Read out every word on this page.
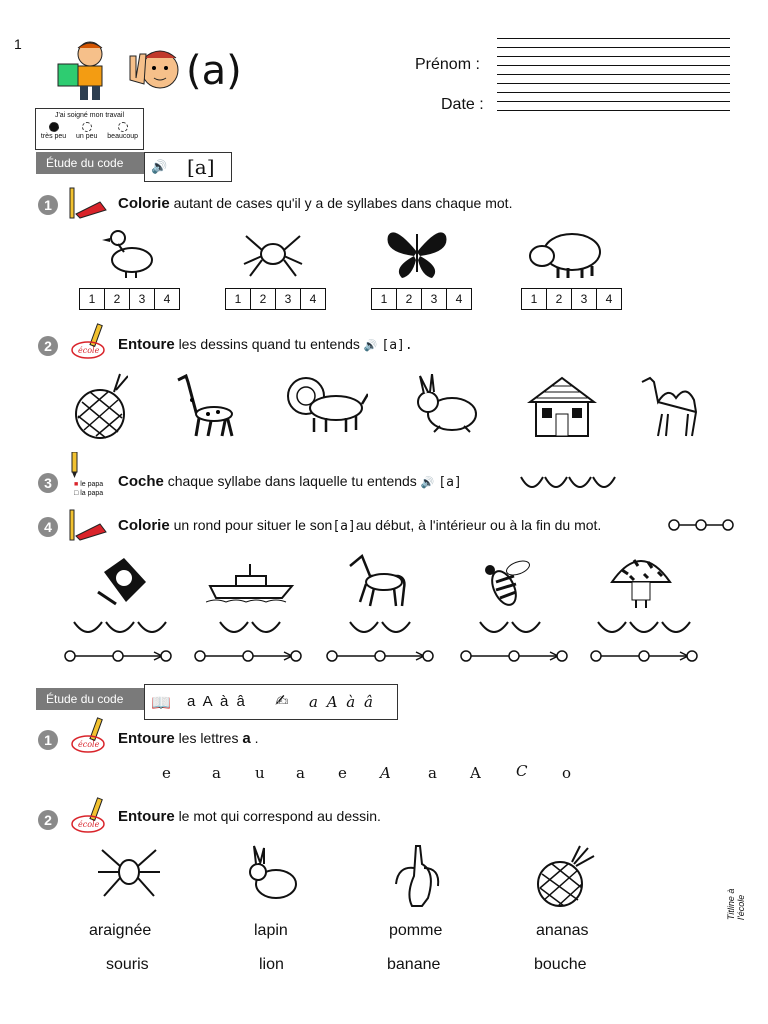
1
(a)	Prénom :
Date :
J'ai soigné mon travail
très peu un peu beaucoup
Étude du code	🔊 [a]
1	Colorie autant de cases qu'il y a de syllabes dans chaque mot.
1	2	3	4	1	2	3	4	1	2	3	4	1	2	3	4
2	école Entoure les dessins quand tu entends 🔊 [a].
3	■ le papa
□ la papa
Coche chaque syllabe dans laquelle tu entends 🔊 [a]
4	Colorie un rond pour situer le son[a]au début, à l'intérieur ou à la fin du mot.
Étude du code	📖 a A à â ✍ a A à â
1	école Entoure les lettres a .
e	a u a e A a A C o
2	école Entoure le mot qui correspond au dessin.
araignée
souris
lapin
lion
pomme
banane
ananas
bouche
Titline à l'école
